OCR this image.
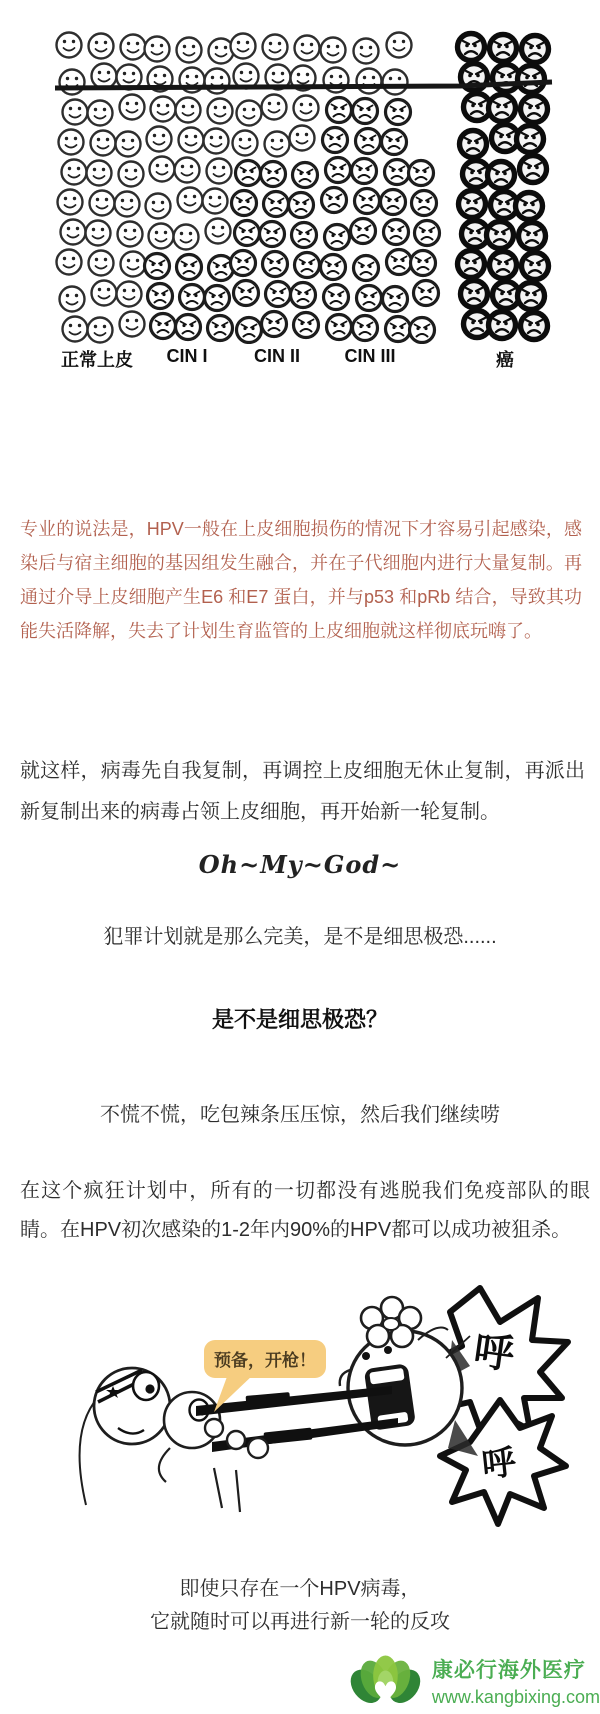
正常上皮 CIN I	CIN II CIN III	癌

专业的说法是，HPV一般在上皮细胞损伤的情况下才容易引起感染，感染后与宿主细胞的基因组发生融合，并在子代细胞内进行大量复制。再通过介导上皮细胞产生E6 和E7 蛋白，并与p53 和pRb 结合，导致其功能失活降解，失去了计划生育监管的上皮细胞就这样彻底玩嗨了。

就这样，病毒先自我复制，再调控上皮细胞无休止复制，再派出新复制出来的病毒占领上皮细胞，再开始新一轮复制。

Oh~My~God~
犯罪计划就是那么完美，是不是细思极恐......
是不是细思极恐？
不慌不慌，吃包辣条压压惊，然后我们继续唠

在这个疯狂计划中，所有的一切都没有逃脱我们免疫部队的眼睛。在HPV初次感染的1-2年内90%的HPV都可以成功被狙杀。

呼
呼
预备，开枪！
即使只存在一个HPV病毒，
它就随时可以再进行新一轮的反攻
康必行海外医疗
www.kangbixing.com
